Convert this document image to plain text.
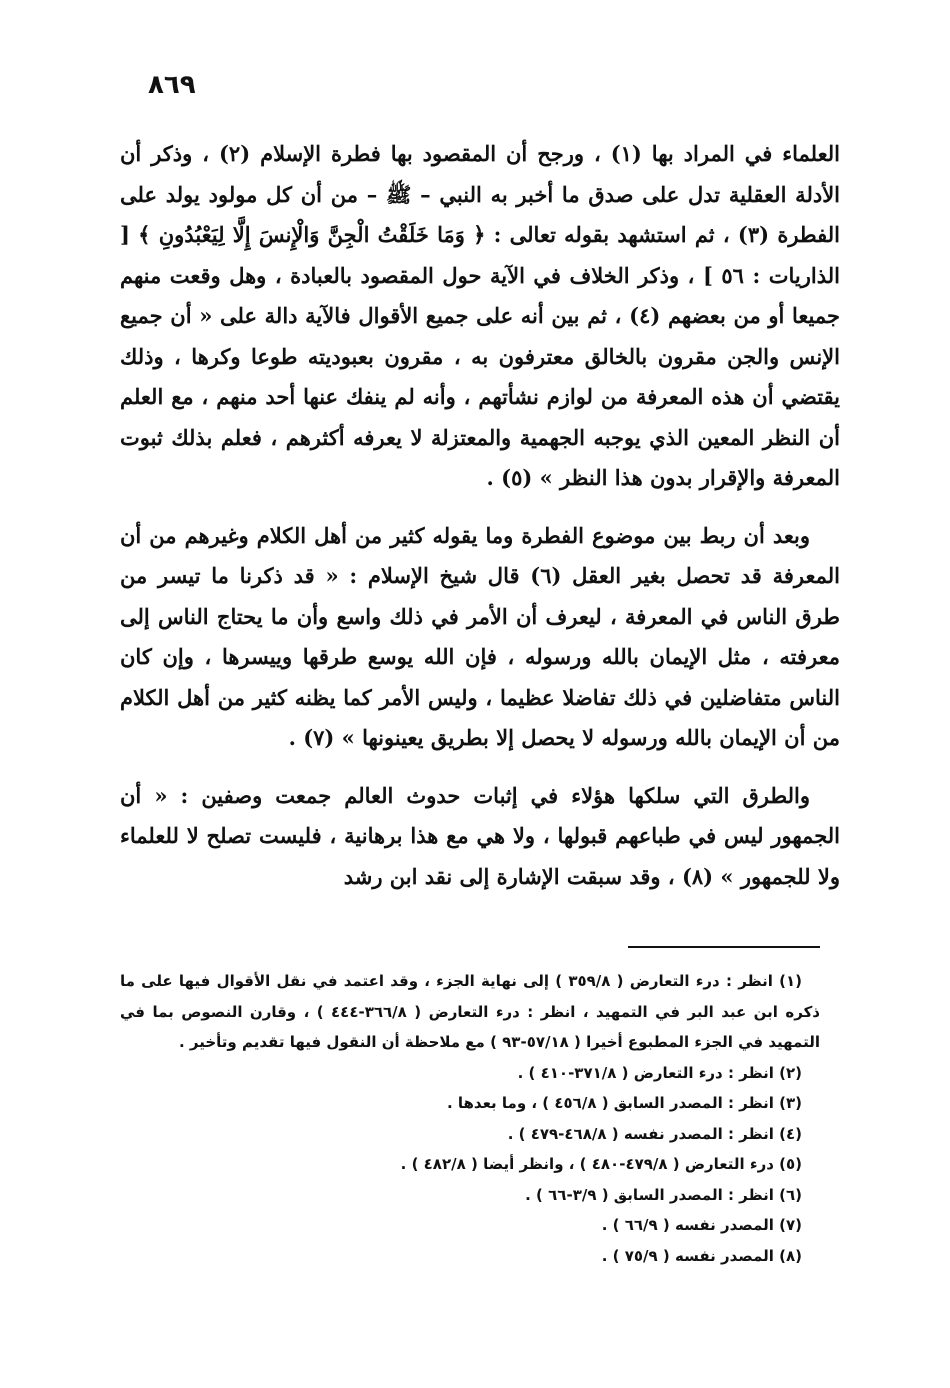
٨٦٩

العلماء في المراد بها (١) ، ورجح أن المقصود بها فطرة الإسلام (٢) ، وذكر أن الأدلة العقلية تدل على صدق ما أخبر به النبي – ﷺ – من أن كل مولود يولد على الفطرة (٣) ، ثم استشهد بقوله تعالى : ﴿ وَمَا خَلَقْتُ الْجِنَّ وَالْإِنسَ إِلَّا لِيَعْبُدُونِ ﴾ [ الذاريات : ٥٦ ] ، وذكر الخلاف في الآية حول المقصود بالعبادة ، وهل وقعت منهم جميعا أو من بعضهم (٤) ، ثم بين أنه على جميع الأقوال فالآية دالة على « أن جميع الإنس والجن مقرون بالخالق معترفون به ، مقرون بعبوديته طوعا وكرها ، وذلك يقتضي أن هذه المعرفة من لوازم نشأتهم ، وأنه لم ينفك عنها أحد منهم ، مع العلم أن النظر المعين الذي يوجبه الجهمية والمعتزلة لا يعرفه أكثرهم ، فعلم بذلك ثبوت المعرفة والإقرار بدون هذا النظر » (٥) .

وبعد أن ربط بين موضوع الفطرة وما يقوله كثير من أهل الكلام وغيرهم من أن المعرفة قد تحصل بغير العقل (٦) قال شيخ الإسلام : « قد ذكرنا ما تيسر من طرق الناس في المعرفة ، ليعرف أن الأمر في ذلك واسع وأن ما يحتاج الناس إلى معرفته ، مثل الإيمان بالله ورسوله ، فإن الله يوسع طرقها وييسرها ، وإن كان الناس متفاضلين في ذلك تفاضلا عظيما ، وليس الأمر كما يظنه كثير من أهل الكلام من أن الإيمان بالله ورسوله لا يحصل إلا بطريق يعينونها » (٧) .

والطرق التي سلكها هؤلاء في إثبات حدوث العالم جمعت وصفين : « أن الجمهور ليس في طباعهم قبولها ، ولا هي مع هذا برهانية ، فليست تصلح لا للعلماء ولا للجمهور » (٨) ، وقد سبقت الإشارة إلى نقد ابن رشد

(١) انظر : درء التعارض ( ٣٥٩/٨ ) إلى نهاية الجزء ، وقد اعتمد في نقل الأقوال فيها على ما ذكره ابن عبد البر في التمهيد ، انظر : درء التعارض ( ٣٦٦/٨-٤٤٤ ) ، وقارن النصوص بما في التمهيد في الجزء المطبوع أخيرا ( ٥٧/١٨-٩٣ ) مع ملاحظة أن النقول فيها تقديم وتأخير .

(٢) انظر : درء التعارض ( ٣٧١/٨-٤١٠ ) .

(٣) انظر : المصدر السابق ( ٤٥٦/٨ ) ، وما بعدها .

(٤) انظر : المصدر نفسه ( ٤٦٨/٨-٤٧٩ ) .

(٥) درء التعارض ( ٤٧٩/٨-٤٨٠ ) ، وانظر أيضا ( ٤٨٢/٨ ) .

(٦) انظر : المصدر السابق ( ٣/٩-٦٦ ) .

(٧) المصدر نفسه ( ٦٦/٩ ) .

(٨) المصدر نفسه ( ٧٥/٩ ) .
